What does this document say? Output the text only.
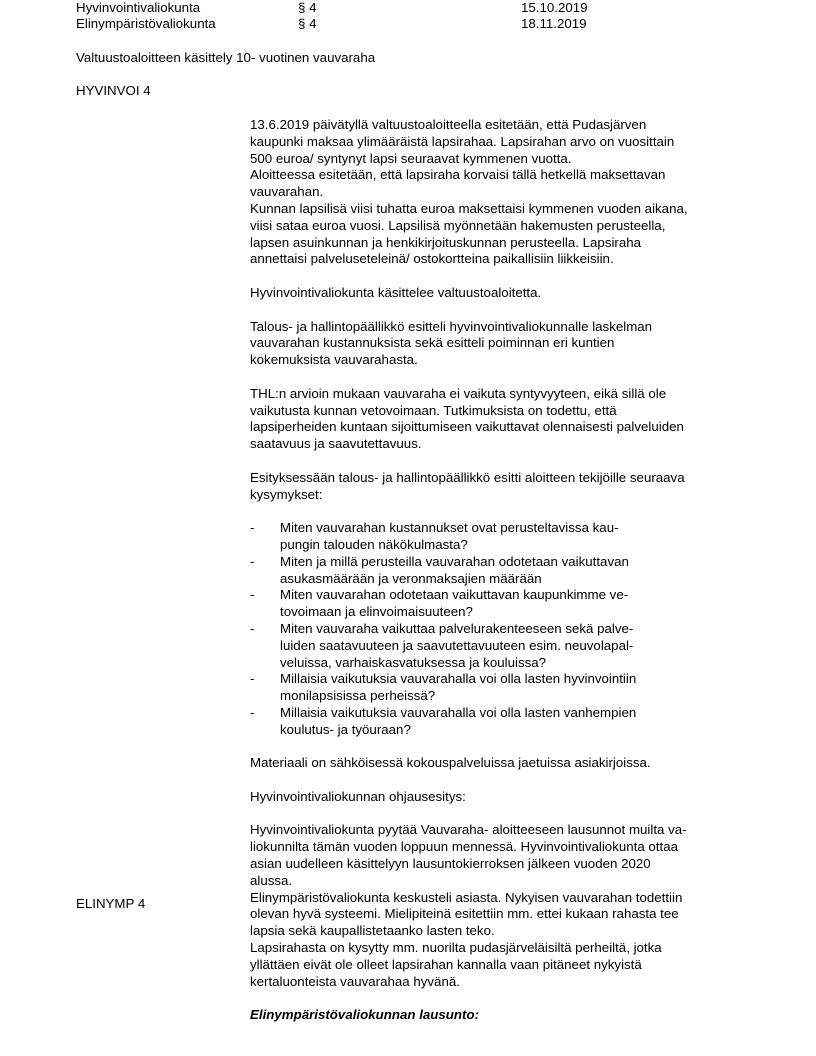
Hyvinvointivaliokunta	§ 4	15.10.2019
Elinympäristövaliokunta	§ 4	18.11.2019
Valtuustoaloitteen käsittely 10- vuotinen vauvaraha
HYVINVOI 4
ELINYMP 4

13.6.2019 päivätyllä valtuustoaloitteella esitetään, että Pudasjärven
kaupunki maksaa ylimääräistä lapsirahaa. Lapsirahan arvo on vuosittain
500 euroa/ syntynyt lapsi seuraavat kymmenen vuotta.
Aloitteessa esitetään, että lapsiraha korvaisi tällä hetkellä maksettavan
vauvarahan.
Kunnan lapsilisä viisi tuhatta euroa maksettaisi kymmenen vuoden aikana,
viisi sataa euroa vuosi. Lapsilisä myönnetään hakemusten perusteella,
lapsen asuinkunnan ja henkikirjoituskunnan perusteella. Lapsiraha
annettaisi palveluseteleinä/ ostokortteina paikallisiin liikkeisiin.

Hyvinvointivaliokunta käsittelee valtuustoaloitetta.

Talous- ja hallintopäällikkö esitteli hyvinvointivaliokunnalle laskelman
vauvarahan kustannuksista sekä esitteli poiminnan eri kuntien
kokemuksista vauvarahasta.

THL:n arvioin mukaan vauvaraha ei vaikuta syntyvyyteen, eikä sillä ole
vaikutusta kunnan vetovoimaan. Tutkimuksista on todettu, että
lapsiperheiden kuntaan sijoittumiseen vaikuttavat olennaisesti palveluiden
saatavuus ja saavutettavuus.

Esityksessään talous- ja hallintopäällikkö esitti aloitteen tekijöille seuraava
kysymykset:

-	Miten vauvarahan kustannukset ovat perusteltavissa kau-
pungin talouden näkökulmasta?
-	Miten ja millä perusteilla vauvarahan odotetaan vaikuttavan
asukasmäärään ja veronmaksajien määrään
-	Miten vauvarahan odotetaan vaikuttavan kaupunkimme ve-
tovoimaan ja elinvoimaisuuteen?
-	Miten vauvaraha vaikuttaa palvelurakenteeseen sekä palve-
luiden saatavuuteen ja saavutettavuuteen esim. neuvolapal-
veluissa, varhaiskasvatuksessa ja kouluissa?
-	Millaisia vaikutuksia vauvarahalla voi olla lasten hyvinvointiin
monilapsisissa perheissä?
-	Millaisia vaikutuksia vauvarahalla voi olla lasten vanhempien
koulutus- ja työuraan?

Materiaali on sähköisessä kokouspalveluissa jaetuissa asiakirjoissa.

Hyvinvointivaliokunnan ohjausesitys:

Hyvinvointivaliokunta pyytää Vauvaraha- aloitteeseen lausunnot muilta va-
liokunnilta tämän vuoden loppuun mennessä. Hyvinvointivaliokunta ottaa
asian uudelleen käsittelyyn lausuntokierroksen jälkeen vuoden 2020
alussa.

Elinympäristövaliokunta keskusteli asiasta. Nykyisen vauvarahan todettiin
olevan hyvä systeemi. Mielipiteinä esitettiin mm. ettei kukaan rahasta tee
lapsia sekä kaupallistetaanko lasten teko.
Lapsirahasta on kysytty mm. nuorilta pudasjärveläisiltä perheiltä, jotka
yllättäen eivät ole olleet lapsirahan kannalla vaan pitäneet nykyistä
kertaluonteista vauvarahaa hyvänä.

Elinympäristövaliokunnan lausunto:
